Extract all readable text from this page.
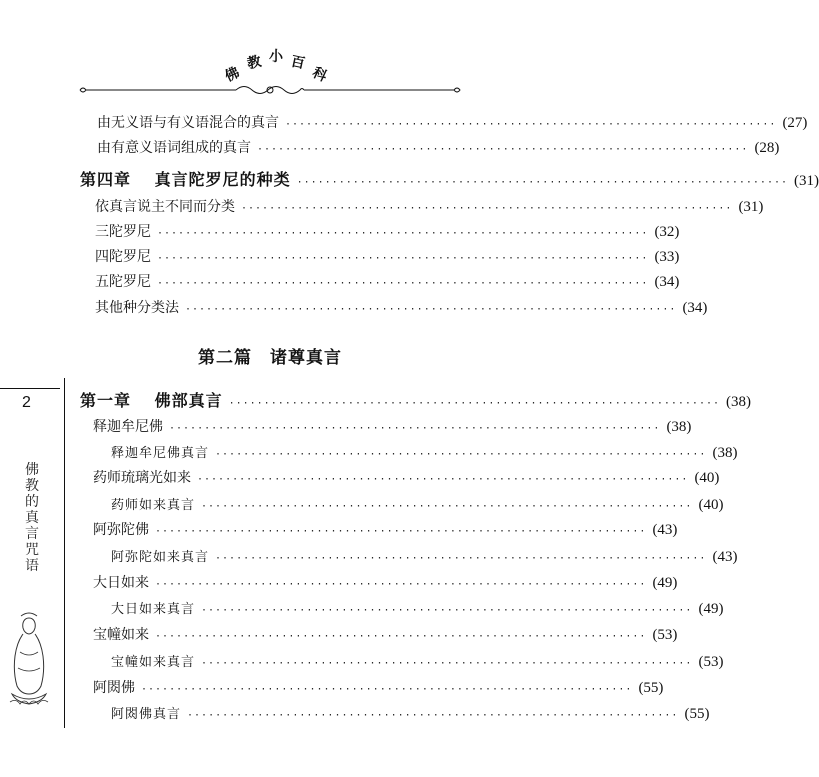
佛
教 小 百
科
由无义语与有义语混合的真言 ······································································ (27)
由有意义语词组成的真言 ······································································ (28)
第四章　 真言陀罗尼的种类 ······································································ (31)
依真言说主不同而分类 ······································································ (31)
三陀罗尼 ······································································ (32)
四陀罗尼 ······································································ (33)
五陀罗尼 ······································································ (34)
其他种分类法 ······································································ (34)
第二篇　诸尊真言
第一章　 佛部真言 ······································································ (38)
释迦牟尼佛 ······································································ (38)
释迦牟尼佛真言 ······································································ (38)
药师琉璃光如来 ······································································ (40)
药师如来真言 ······································································ (40)
阿弥陀佛 ······································································ (43)
阿弥陀如来真言 ······································································ (43)
大日如来 ······································································ (49)
大日如来真言 ······································································ (49)
宝幢如来 ······································································ (53)
宝幢如来真言 ······································································ (53)
阿閦佛 ······································································ (55)
阿閦佛真言 ······································································ (55)
2
佛
教
的
真
言
咒
语
